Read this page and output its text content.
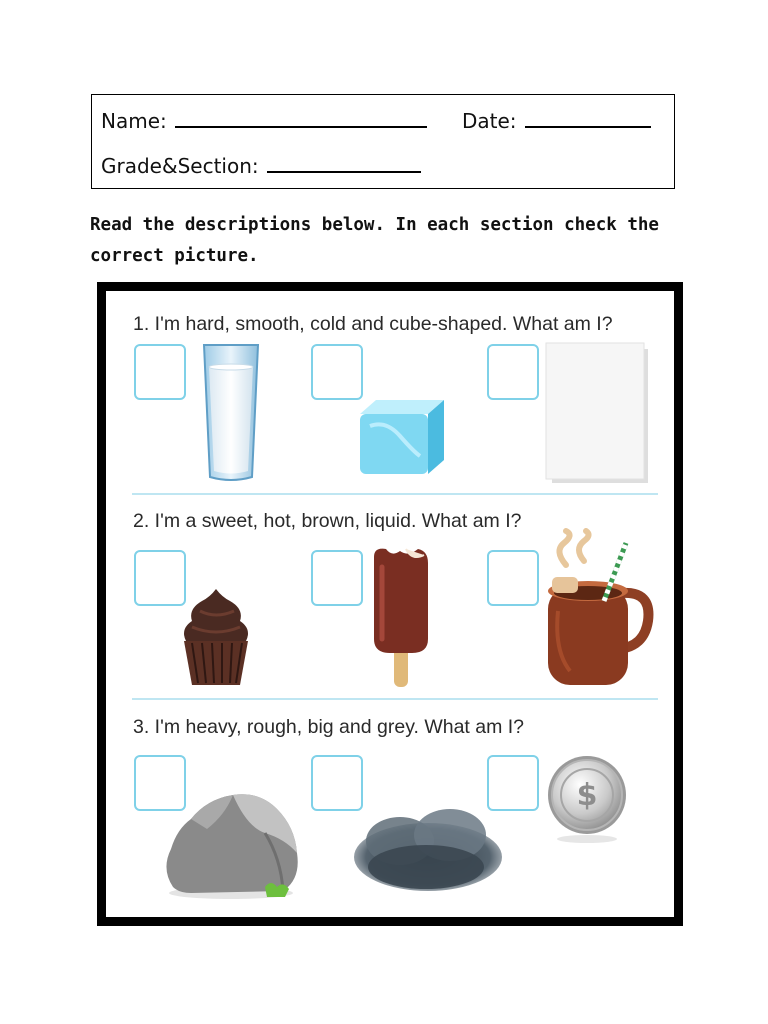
Name:	Date:
Grade&Section:
Read the descriptions below. In each section check the correct picture.
1. I'm hard, smooth, cold and cube-shaped. What am I?
2. I'm a sweet, hot, brown, liquid. What am I?
3. I'm heavy, rough, big and grey. What am I?
$
